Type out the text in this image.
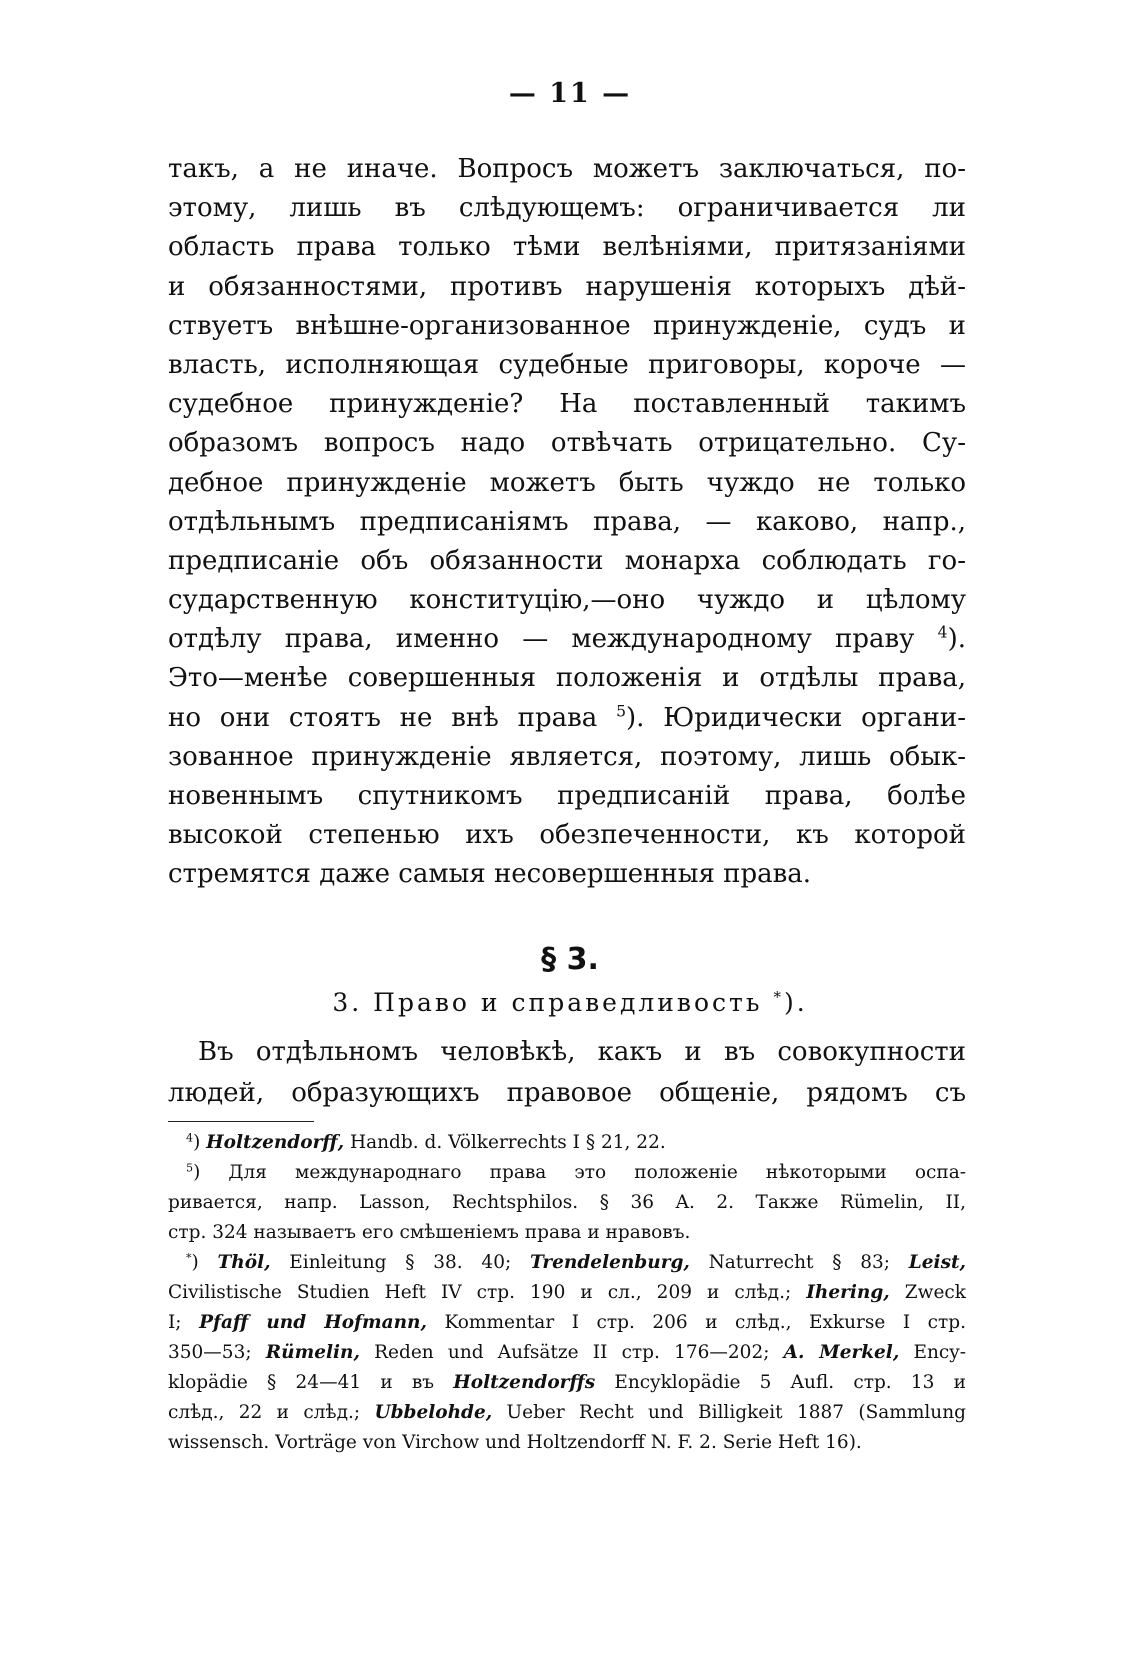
— 11 —
такъ, а не иначе. Вопросъ можетъ заключаться, по-
этому, лишь въ слѣдующемъ: ограничивается ли
область права только тѣми велѣніями, притязаніями
и обязанностями, противъ нарушенія которыхъ дѣй-
ствуетъ внѣшне-организованное принужденіе, судъ и
власть, исполняющая судебные приговоры, короче —
судебное принужденіе? На поставленный такимъ
образомъ вопросъ надо отвѣчать отрицательно. Су-
дебное принужденіе можетъ быть чуждо не только
отдѣльнымъ предписаніямъ права, — каково, напр.,
предписаніе объ обязанности монарха соблюдать го-
сударственную конституцію,—оно чуждо и цѣлому
отдѣлу права, именно — международному праву $^4$).
Это—менѣе совершенныя положенія и отдѣлы права,
но они стоятъ не внѣ права $^5$). Юридически органи-
зованное принужденіе является, поэтому, лишь обык-
новеннымъ спутникомъ предписаній права, болѣе
высокой степенью ихъ обезпеченности, къ которой
стремятся даже самыя несовершенныя права.
§ 3.
3. Право и справедливость *).
Въ отдѣльномъ человѣкѣ, какъ и въ совокупности
людей, образующихъ правовое общеніе, рядомъ съ
$^4$) Holtzendorff, Handb. d. Völkerrechts I § 21, 22.
$^5$) Для международнаго права это положеніе нѣкоторыми оспа-
ривается, напр. Lasson, Rechtsphilos. § 36 A. 2. Также Rümelin, II,
стр. 324 называетъ его смѣшеніемъ права и нравовъ.
*) Thöl, Einleitung § 38. 40; Trendelenburg, Naturrecht § 83; Leist,
Civilistische Studien Heft IV стр. 190 и сл., 209 и слѣд.; Ihering, Zweck
I; Pfaff und Hofmann, Kommentar I стр. 206 и слѣд., Exkurse I стр.
350—53; Rümelin, Reden und Aufsätze II стр. 176—202; A. Merkel, Ency-
klopädie § 24—41 и въ Holtzendorffs Encyklopädie 5 Aufl. стр. 13 и
слѣд., 22 и слѣд.; Ubbelohde, Ueber Recht und Billigkeit 1887 (Sammlung
wissensch. Vorträge von Virchow und Holtzendorff N. F. 2. Serie Heft 16).
